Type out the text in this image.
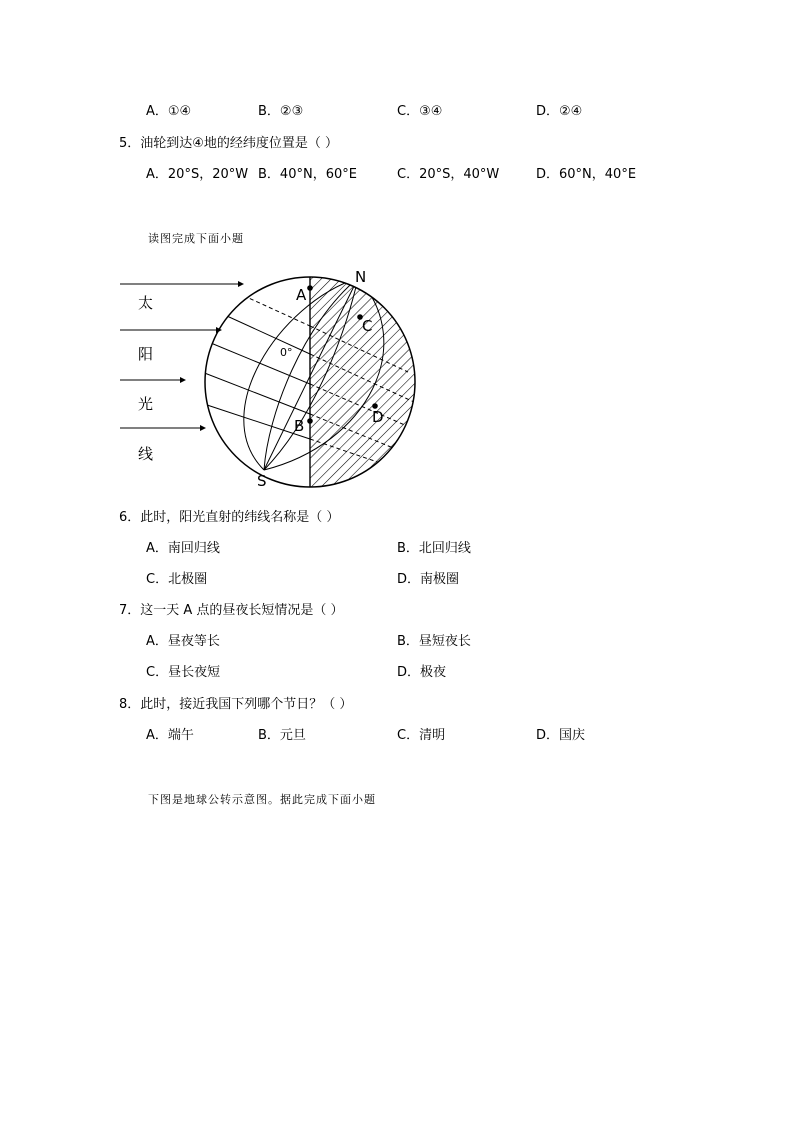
A．①④	B．②③	C．③④	D．②④
5．油轮到达④地的经纬度位置是（ ）
A．20°S，20°W B．40°N，60°E	C．20°S，40°W	D．60°N，40°E
读图完成下面小题
太
阳
光
线
N
S
A
C
B	D
0°
6．此时，阳光直射的纬线名称是（ ）
A．南回归线	B．北回归线
C．北极圈	D．南极圈
7．这一天 A 点的昼夜长短情况是（ ）
A．昼夜等长	B．昼短夜长
C．昼长夜短	D．极夜
8．此时，接近我国下列哪个节日？（ ）
A．端午	B．元旦	C．清明	D．国庆
下图是地球公转示意图。据此完成下面小题
